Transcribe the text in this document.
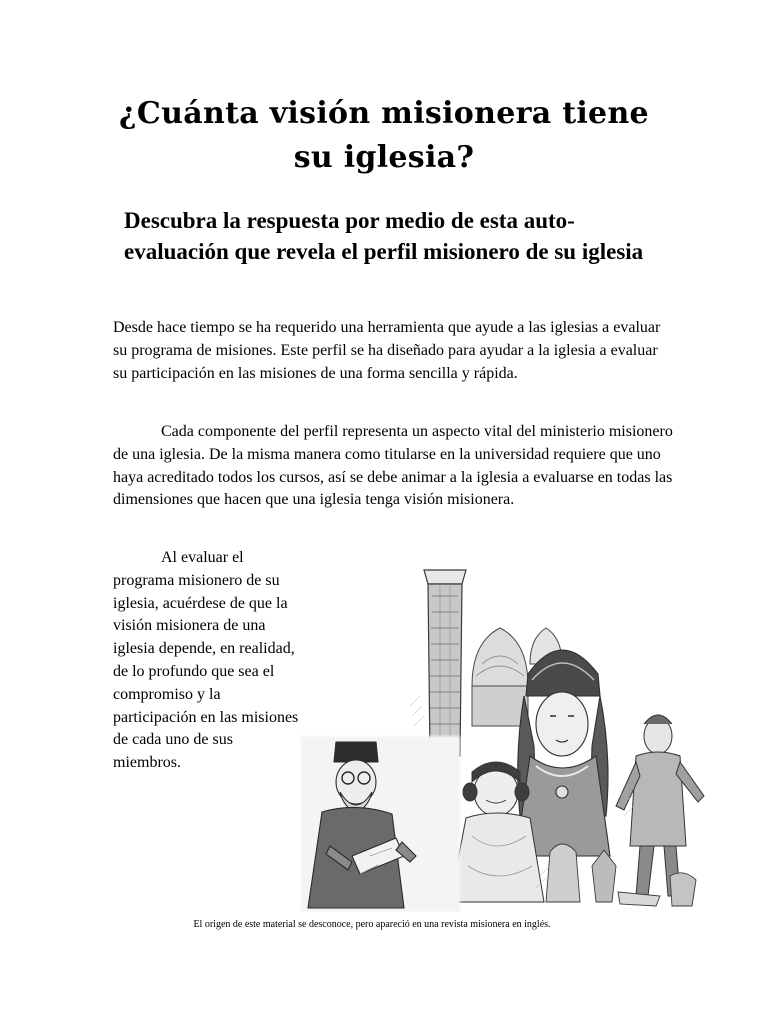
¿Cuánta visión misionera tiene
su iglesia?
Descubra la respuesta por medio de esta auto-evaluación que revela el perfil misionero de su iglesia

Desde hace tiempo se ha requerido una herramienta que ayude a las iglesias a evaluar su programa de misiones. Este perfil se ha diseñado para ayudar a la iglesia a evaluar su participación en las misiones de una forma sencilla y rápida.

Cada componente del perfil representa un aspecto vital del ministerio misionero de una iglesia. De la misma manera como titularse en la universidad requiere que uno haya acreditado todos los cursos, así se debe animar a la iglesia a evaluarse en todas las dimensiones que hacen que una iglesia tenga visión misionera.

Al evaluar el programa misionero de su iglesia, acuérdese de que la visión misionera de una iglesia depende, en realidad, de lo profundo que sea el compromiso y la participación en las misiones de cada uno de sus miembros.

El origen de este material se desconoce, pero apareció en una revista misionera en inglés.
